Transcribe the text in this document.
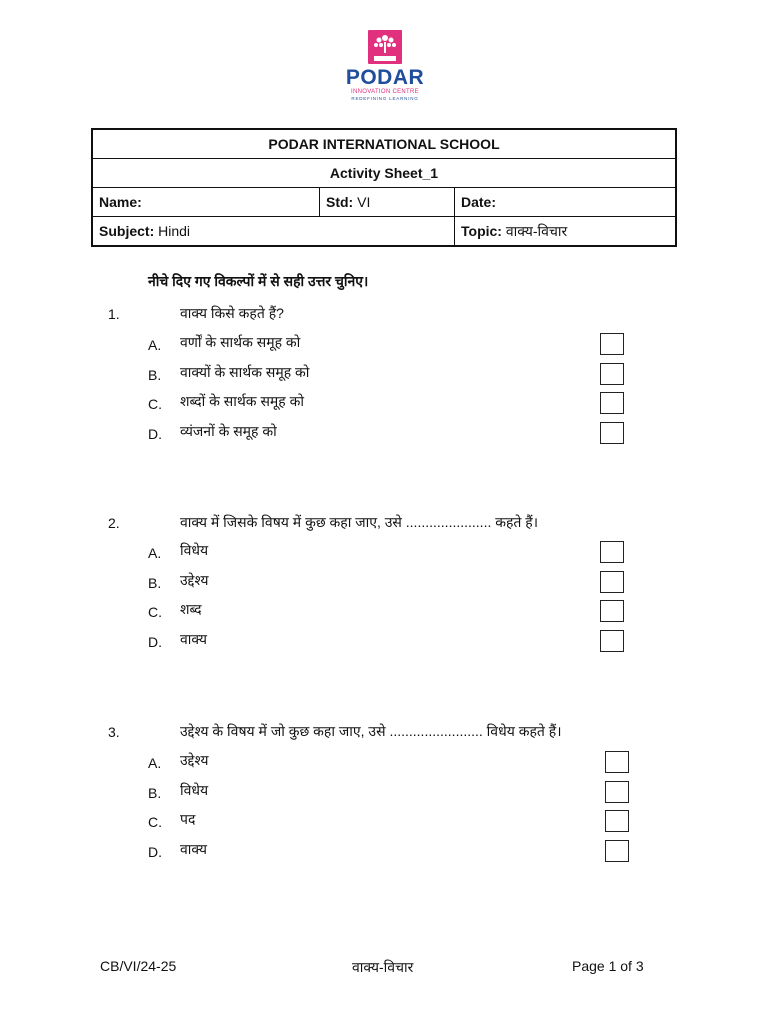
PODAR
INNOVATION CENTRE
REDEFINING LEARNING
PODAR INTERNATIONAL SCHOOL		
Activity Sheet_1		
Name:	Std: VI	Date:
Subject: Hindi		Topic: वाक्य-विचार
नीचे दिए गए विकल्पों में से सही उत्तर चुनिए।
1.	वाक्य किसे कहते हैं?
A. वर्णों के सार्थक समूह को
B. वाक्यों के सार्थक समूह को
C. शब्दों के सार्थक समूह को
D. व्यंजनों के समूह को
2.	वाक्य में जिसके विषय में कुछ कहा जाए, उसे ...................... कहते हैं।
A. विधेय
B. उद्देश्य
C. शब्द
D. वाक्य
3.	उद्देश्य के विषय में जो कुछ कहा जाए, उसे ........................ विधेय कहते हैं।
A. उद्देश्य
B. विधेय
C. पद
D. वाक्य
CB/VI/24-25	वाक्य-विचार	Page 1 of 3
